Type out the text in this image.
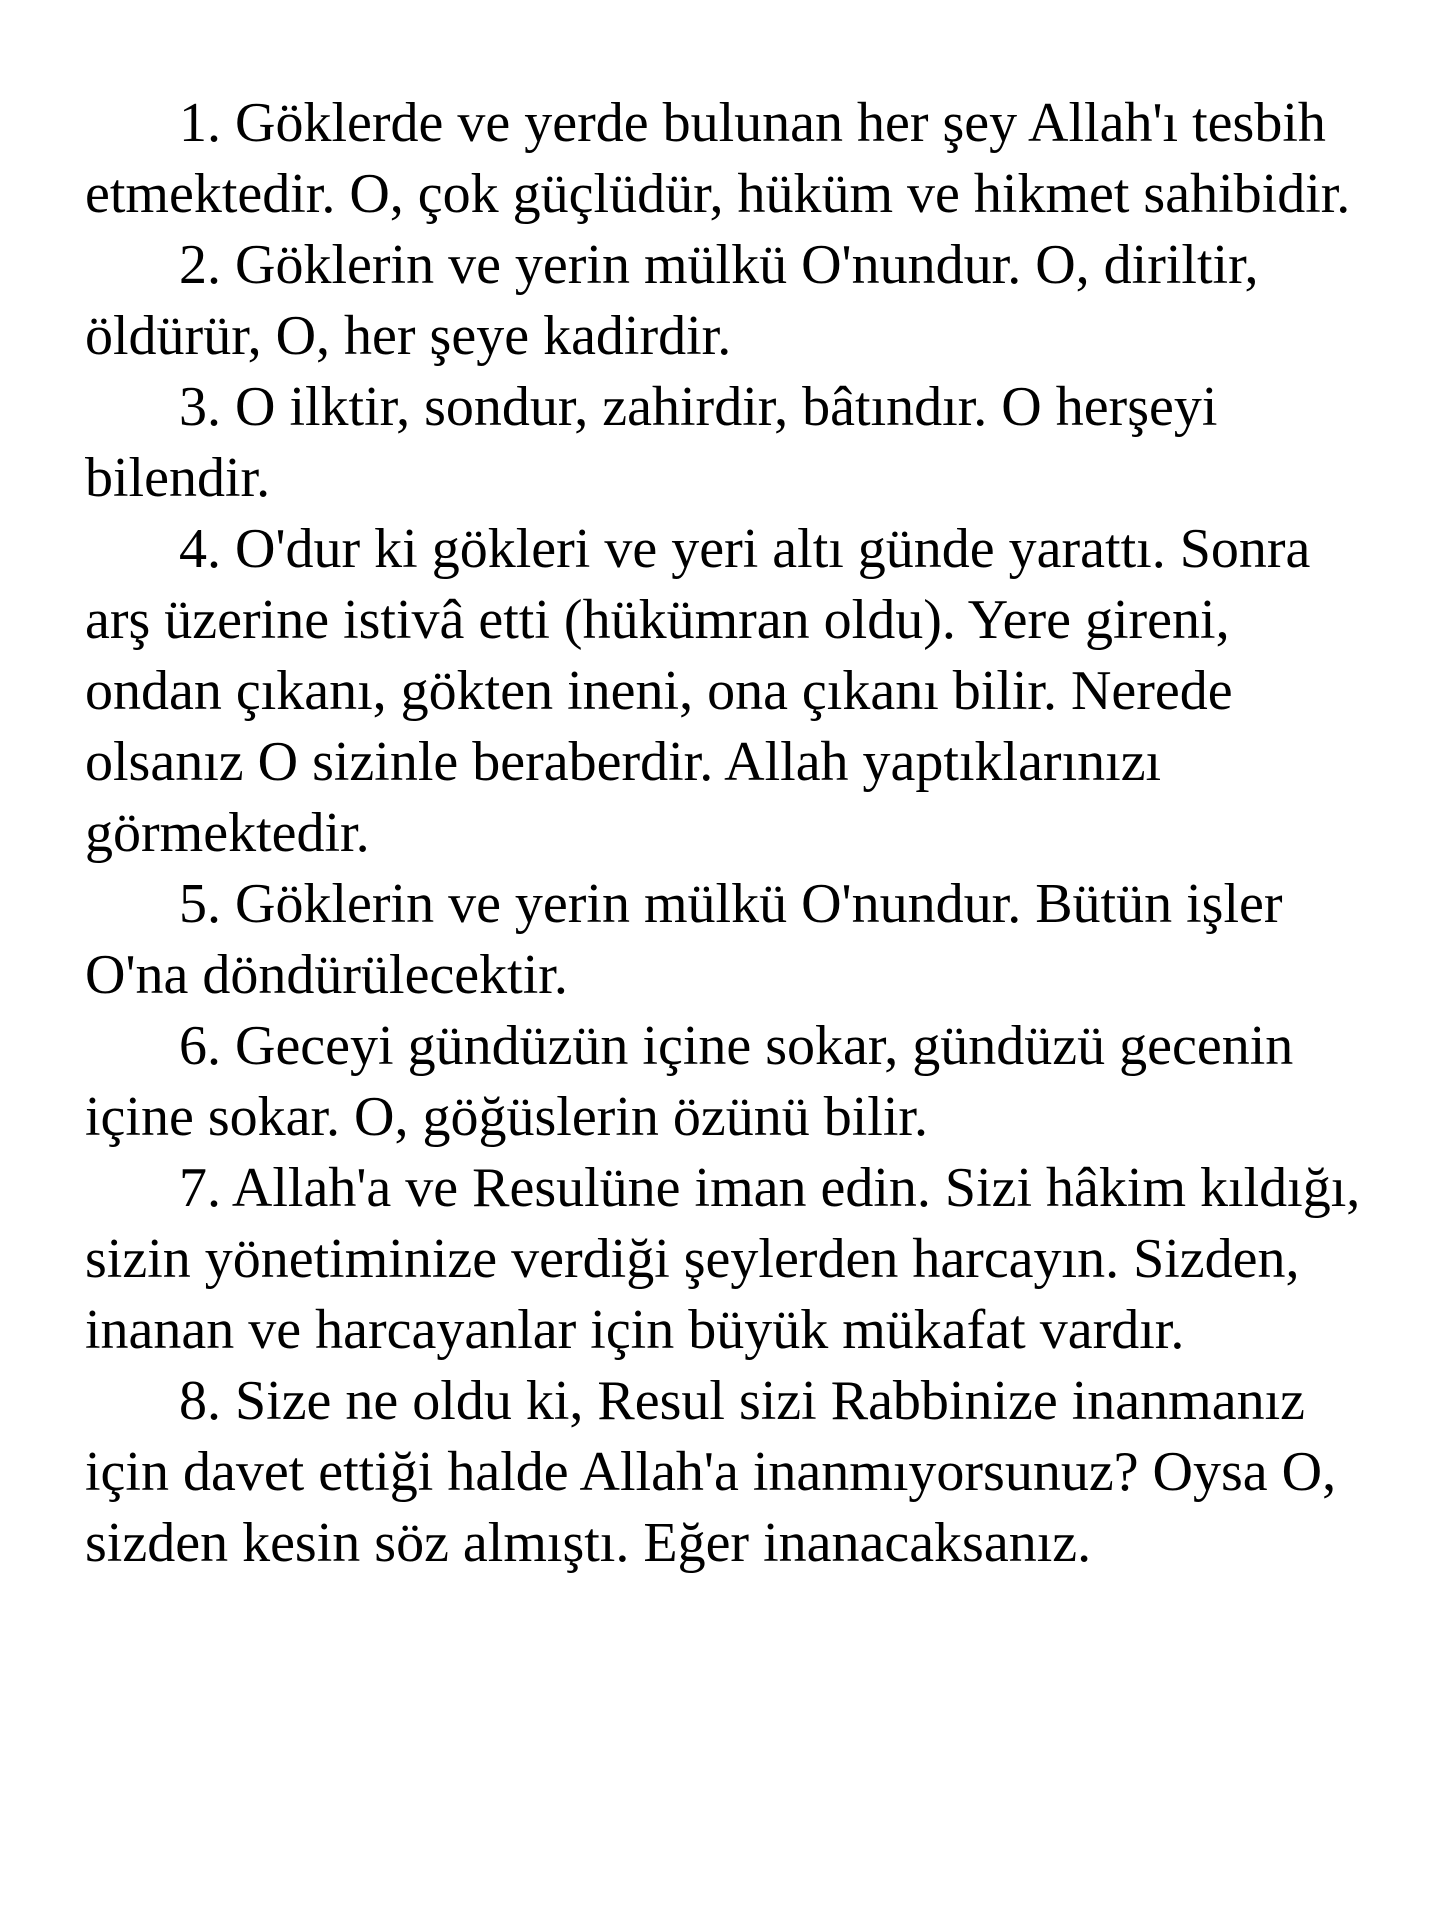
1. Göklerde ve yerde bulunan her şey Allah'ı tesbih etmektedir. O, çok güçlüdür, hüküm ve hikmet sahibidir.

2. Göklerin ve yerin mülkü O'nundur. O, diriltir, öldürür, O, her şeye kadirdir.

3. O ilktir, sondur, zahirdir, bâtındır. O herşeyi bilendir.

4. O'dur ki gökleri ve yeri altı günde yarattı. Sonra arş üzerine istivâ etti (hükümran oldu). Yere gireni, ondan çıkanı, gökten ineni, ona çıkanı bilir. Nerede olsanız O sizinle beraberdir. Allah yaptıklarınızı görmektedir.

5. Göklerin ve yerin mülkü O'nundur. Bütün işler O'na döndürülecektir.

6. Geceyi gündüzün içine sokar, gündüzü gecenin içine sokar. O, göğüslerin özünü bilir.

7. Allah'a ve Resulüne iman edin. Sizi hâkim kıldığı, sizin yönetiminize verdiği şeylerden harcayın. Sizden, inanan ve harcayanlar için büyük mükafat vardır.

8. Size ne oldu ki, Resul sizi Rabbinize inanmanız için davet ettiği halde Allah'a inanmıyorsunuz? Oysa O, sizden kesin söz almıştı. Eğer inanacaksanız.
